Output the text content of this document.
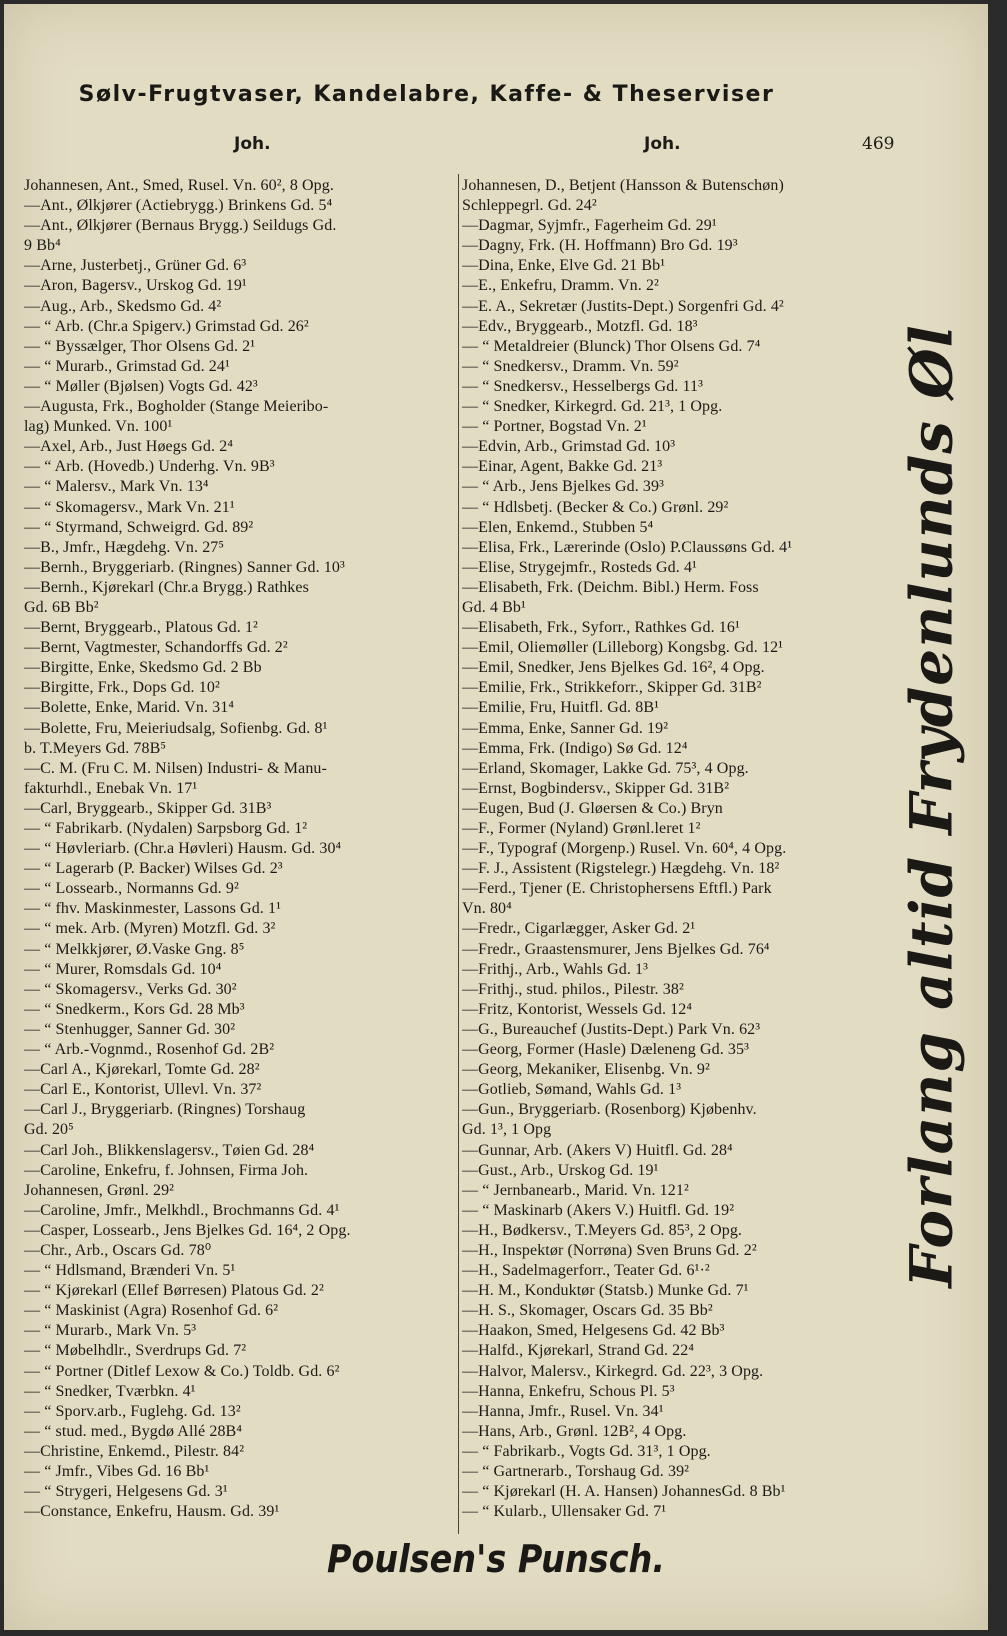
Sølv-Frugtvaser, Kandelabre, Kaffe- & Theserviser
Joh.	Joh.	469
Johannesen, Ant., Smed, Rusel. Vn. 60², 8 Opg.
—Ant., Ølkjører (Actiebrygg.) Brinkens Gd. 5⁴
—Ant., Ølkjører (Bernaus Brygg.) Seildugs Gd.
9 Bb⁴
—Arne, Justerbetj., Grüner Gd. 6³
—Aron, Bagersv., Urskog Gd. 19¹
—Aug., Arb., Skedsmo Gd. 4²
— “ Arb. (Chr.a Spigerv.) Grimstad Gd. 26²
— “ Byssælger, Thor Olsens Gd. 2¹
— “ Murarb., Grimstad Gd. 24¹
— “ Møller (Bjølsen) Vogts Gd. 42³
—Augusta, Frk., Bogholder (Stange Meieribo-
lag) Munked. Vn. 100¹
—Axel, Arb., Just Høegs Gd. 2⁴
— “ Arb. (Hovedb.) Underhg. Vn. 9B³
— “ Malersv., Mark Vn. 13⁴
— “ Skomagersv., Mark Vn. 21¹
— “ Styrmand, Schweigrd. Gd. 89²
—B., Jmfr., Hægdehg. Vn. 27⁵
—Bernh., Bryggeriarb. (Ringnes) Sanner Gd. 10³
—Bernh., Kjørekarl (Chr.a Brygg.) Rathkes
Gd. 6B Bb²
—Bernt, Bryggearb., Platous Gd. 1²
—Bernt, Vagtmester, Schandorffs Gd. 2²
—Birgitte, Enke, Skedsmo Gd. 2 Bb
—Birgitte, Frk., Dops Gd. 10²
—Bolette, Enke, Marid. Vn. 31⁴
—Bolette, Fru, Meieriudsalg, Sofienbg. Gd. 8¹
b. T.Meyers Gd. 78B⁵
—C. M. (Fru C. M. Nilsen) Industri- & Manu-
fakturhdl., Enebak Vn. 17¹
—Carl, Bryggearb., Skipper Gd. 31B³
— “ Fabrikarb. (Nydalen) Sarpsborg Gd. 1²
— “ Høvleriarb. (Chr.a Høvleri) Hausm. Gd. 30⁴
— “ Lagerarb (P. Backer) Wilses Gd. 2³
— “ Lossearb., Normanns Gd. 9²
— “ fhv. Maskinmester, Lassons Gd. 1¹
— “ mek. Arb. (Myren) Motzfl. Gd. 3²
— “ Melkkjører, Ø.Vaske Gng. 8⁵
— “ Murer, Romsdals Gd. 10⁴
— “ Skomagersv., Verks Gd. 30²
— “ Snedkerm., Kors Gd. 28 Mb³
— “ Stenhugger, Sanner Gd. 30²
— “ Arb.-Vognmd., Rosenhof Gd. 2B²
—Carl A., Kjørekarl, Tomte Gd. 28²
—Carl E., Kontorist, Ullevl. Vn. 37²
—Carl J., Bryggeriarb. (Ringnes) Torshaug
Gd. 20⁵
—Carl Joh., Blikkenslagersv., Tøien Gd. 28⁴
—Caroline, Enkefru, f. Johnsen, Firma Joh.
Johannesen, Grønl. 29²
—Caroline, Jmfr., Melkhdl., Brochmanns Gd. 4¹
—Casper, Lossearb., Jens Bjelkes Gd. 16⁴, 2 Opg.
—Chr., Arb., Oscars Gd. 78⁰
— “ Hdlsmand, Brænderi Vn. 5¹
— “ Kjørekarl (Ellef Børresen) Platous Gd. 2²
— “ Maskinist (Agra) Rosenhof Gd. 6²
— “ Murarb., Mark Vn. 5³
— “ Møbelhdlr., Sverdrups Gd. 7²
— “ Portner (Ditlef Lexow & Co.) Toldb. Gd. 6²
— “ Snedker, Tværbkn. 4¹
— “ Sporv.arb., Fuglehg. Gd. 13²
— “ stud. med., Bygdø Allé 28B⁴
—Christine, Enkemd., Pilestr. 84²
— “ Jmfr., Vibes Gd. 16 Bb¹
— “ Strygeri, Helgesens Gd. 3¹
—Constance, Enkefru, Hausm. Gd. 39¹
Johannesen, D., Betjent (Hansson & Butenschøn)
Schleppegrl. Gd. 24²
—Dagmar, Syjmfr., Fagerheim Gd. 29¹
—Dagny, Frk. (H. Hoffmann) Bro Gd. 19³
—Dina, Enke, Elve Gd. 21 Bb¹
—E., Enkefru, Dramm. Vn. 2²
—E. A., Sekretær (Justits-Dept.) Sorgenfri Gd. 4²
—Edv., Bryggearb., Motzfl. Gd. 18³
— “ Metaldreier (Blunck) Thor Olsens Gd. 7⁴
— “ Snedkersv., Dramm. Vn. 59²
— “ Snedkersv., Hesselbergs Gd. 11³
— “ Snedker, Kirkegrd. Gd. 21³, 1 Opg.
— “ Portner, Bogstad Vn. 2¹
—Edvin, Arb., Grimstad Gd. 10³
—Einar, Agent, Bakke Gd. 21³
— “ Arb., Jens Bjelkes Gd. 39³
— “ Hdlsbetj. (Becker & Co.) Grønl. 29²
—Elen, Enkemd., Stubben 5⁴
—Elisa, Frk., Lærerinde (Oslo) P.Claussøns Gd. 4¹
—Elise, Strygejmfr., Rosteds Gd. 4¹
—Elisabeth, Frk. (Deichm. Bibl.) Herm. Foss
Gd. 4 Bb¹
—Elisabeth, Frk., Syforr., Rathkes Gd. 16¹
—Emil, Oliemøller (Lilleborg) Kongsbg. Gd. 12¹
—Emil, Snedker, Jens Bjelkes Gd. 16², 4 Opg.
—Emilie, Frk., Strikkeforr., Skipper Gd. 31B²
—Emilie, Fru, Huitfl. Gd. 8B¹
—Emma, Enke, Sanner Gd. 19²
—Emma, Frk. (Indigo) Sø Gd. 12⁴
—Erland, Skomager, Lakke Gd. 75³, 4 Opg.
—Ernst, Bogbindersv., Skipper Gd. 31B²
—Eugen, Bud (J. Gløersen & Co.) Bryn
—F., Former (Nyland) Grønl.leret 1²
—F., Typograf (Morgenp.) Rusel. Vn. 60⁴, 4 Opg.
—F. J., Assistent (Rigstelegr.) Hægdehg. Vn. 18²
—Ferd., Tjener (E. Christophersens Eftfl.) Park
Vn. 80⁴
—Fredr., Cigarlægger, Asker Gd. 2¹
—Fredr., Graastensmurer, Jens Bjelkes Gd. 76⁴
—Frithj., Arb., Wahls Gd. 1³
—Frithj., stud. philos., Pilestr. 38²
—Fritz, Kontorist, Wessels Gd. 12⁴
—G., Bureauchef (Justits-Dept.) Park Vn. 62³
—Georg, Former (Hasle) Dæleneng Gd. 35³
—Georg, Mekaniker, Elisenbg. Vn. 9²
—Gotlieb, Sømand, Wahls Gd. 1³
—Gun., Bryggeriarb. (Rosenborg) Kjøbenhv.
Gd. 1³, 1 Opg
—Gunnar, Arb. (Akers V) Huitfl. Gd. 28⁴
—Gust., Arb., Urskog Gd. 19¹
— “ Jernbanearb., Marid. Vn. 121²
— “ Maskinarb (Akers V.) Huitfl. Gd. 19²
—H., Bødkersv., T.Meyers Gd. 85³, 2 Opg.
—H., Inspektør (Norrøna) Sven Bruns Gd. 2²
—H., Sadelmagerforr., Teater Gd. 6¹·²
—H. M., Konduktør (Statsb.) Munke Gd. 7¹
—H. S., Skomager, Oscars Gd. 35 Bb²
—Haakon, Smed, Helgesens Gd. 42 Bb³
—Halfd., Kjørekarl, Strand Gd. 22⁴
—Halvor, Malersv., Kirkegrd. Gd. 22³, 3 Opg.
—Hanna, Enkefru, Schous Pl. 5³
—Hanna, Jmfr., Rusel. Vn. 34¹
—Hans, Arb., Grønl. 12B², 4 Opg.
— “ Fabrikarb., Vogts Gd. 31³, 1 Opg.
— “ Gartnerarb., Torshaug Gd. 39²
— “ Kjørekarl (H. A. Hansen) JohannesGd. 8 Bb¹
— “ Kularb., Ullensaker Gd. 7¹
Forlang altid Frydenlunds Øl
Poulsen's Punsch.
